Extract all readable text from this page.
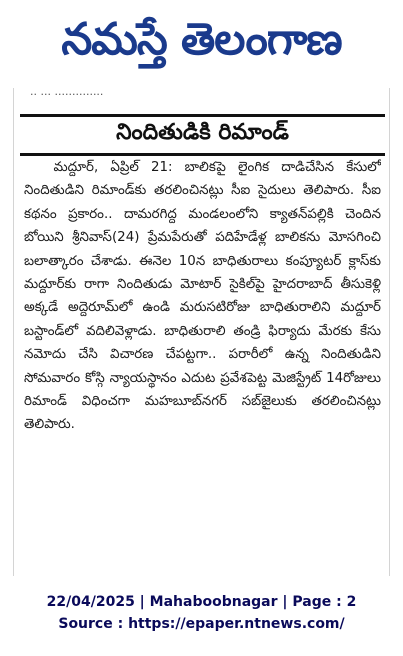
నమస్తే తెలంగాణ
·· ··· ··············
నిందితుడికి రిమాండ్

మద్దూర్, ఏప్రిల్ 21: బాలికపై లైంగిక దాడిచేసిన కేసులో నిందితుడిని రిమాండ్‌కు తరలించినట్లు సీఐ సైదులు తెలిపారు. సీఐ కథనం ప్రకారం.. దామరగిద్ద మండలంలోని క్యాతన్‌పల్లికి చెందిన బోయిని శ్రీనివాస్(24) ప్రేమపేరుతో పదిహేడేళ్ల బాలికను మోసగించి బలాత్కారం చేశాడు. ఈనెల 10న బాధితురాలు కంప్యూటర్ క్లాస్‌కు మద్దూర్‌కు రాగా నిందితుడు మోటార్ సైకిల్‌పై హైదరాబాద్ తీసుకెళ్లి అక్కడే అద్దెరూమ్‌లో ఉండి మరుసటిరోజు బాధితురాలిని మద్దూర్ బస్టాండ్‌లో వదిలివెళ్లాడు. బాధితురాలి తండ్రి ఫిర్యాదు మేరకు కేసు నమోదు చేసి విచారణ చేపట్టగా.. పరారీలో ఉన్న నిందితుడిని సోమవారం కోస్గి న్యాయస్థానం ఎదుట ప్రవేశపెట్ట మెజిస్ట్రేట్ 14రోజులు రిమాండ్ విధించగా మహబూబ్‌నగర్ సబ్‌జైలుకు తరలించినట్లు తెలిపారు.

22/04/2025 | Mahaboobnagar | Page : 2
Source : https://epaper.ntnews.com/
